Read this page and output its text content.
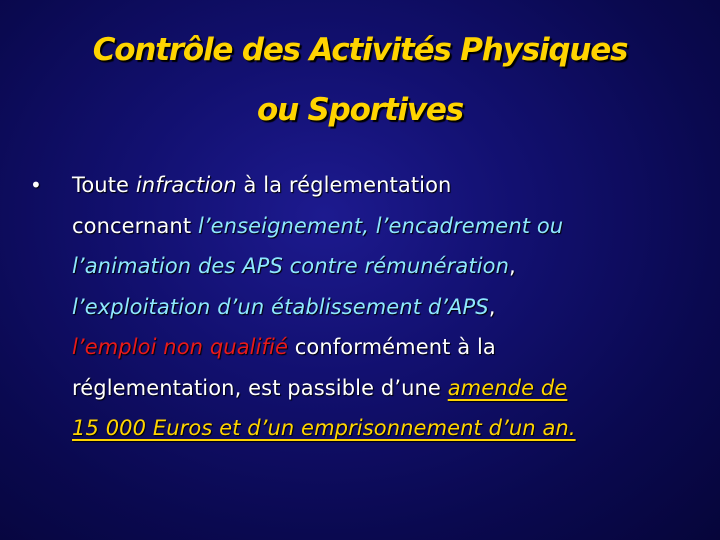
Contrôle des Activités Physiques
ou Sportives
•	Toute infraction à la réglementation
concernant l’enseignement, l’encadrement ou
l’animation des APS contre rémunération,
l’exploitation d’un établissement d’APS,
l’emploi non qualifié conformément à la
réglementation, est passible d’une amende de
15 000 Euros et d’un emprisonnement d’un an.
